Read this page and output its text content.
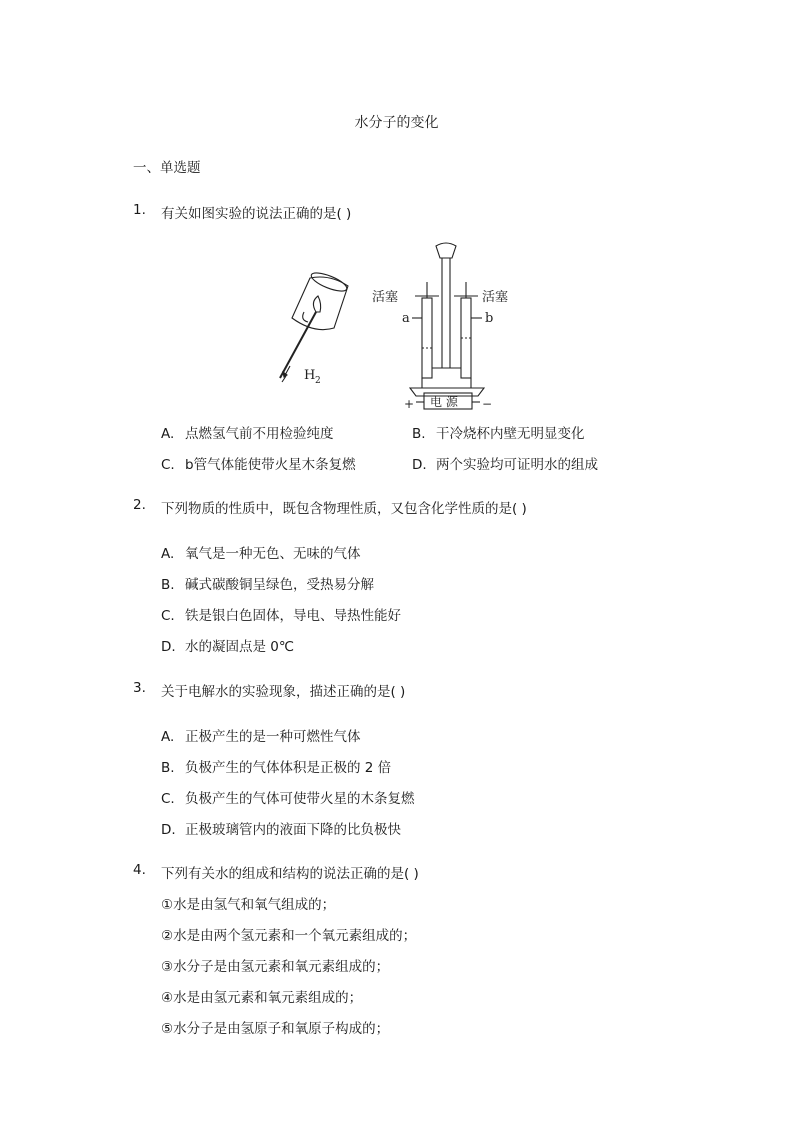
水分子的变化
一、单选题
1. 有关如图实验的说法正确的是( )
H 2
活塞	活塞
a	b
电 源
+	−
A. 点燃氢气前不用检验纯度	B. 干冷烧杯内壁无明显变化
C. b管气体能使带火星木条复燃	D. 两个实验均可证明水的组成
2. 下列物质的性质中，既包含物理性质，又包含化学性质的是( )
A. 氧气是一种无色、无味的气体
B. 碱式碳酸铜呈绿色，受热易分解
C. 铁是银白色固体，导电、导热性能好
D. 水的凝固点是 0℃
3. 关于电解水的实验现象，描述正确的是( )
A. 正极产生的是一种可燃性气体
B. 负极产生的气体体积是正极的 2 倍
C. 负极产生的气体可使带火星的木条复燃
D. 正极玻璃管内的液面下降的比负极快
4. 下列有关水的组成和结构的说法正确的是( )
①水是由氢气和氧气组成的；
②水是由两个氢元素和一个氧元素组成的；
③水分子是由氢元素和氧元素组成的；
④水是由氢元素和氧元素组成的；
⑤水分子是由氢原子和氧原子构成的；
